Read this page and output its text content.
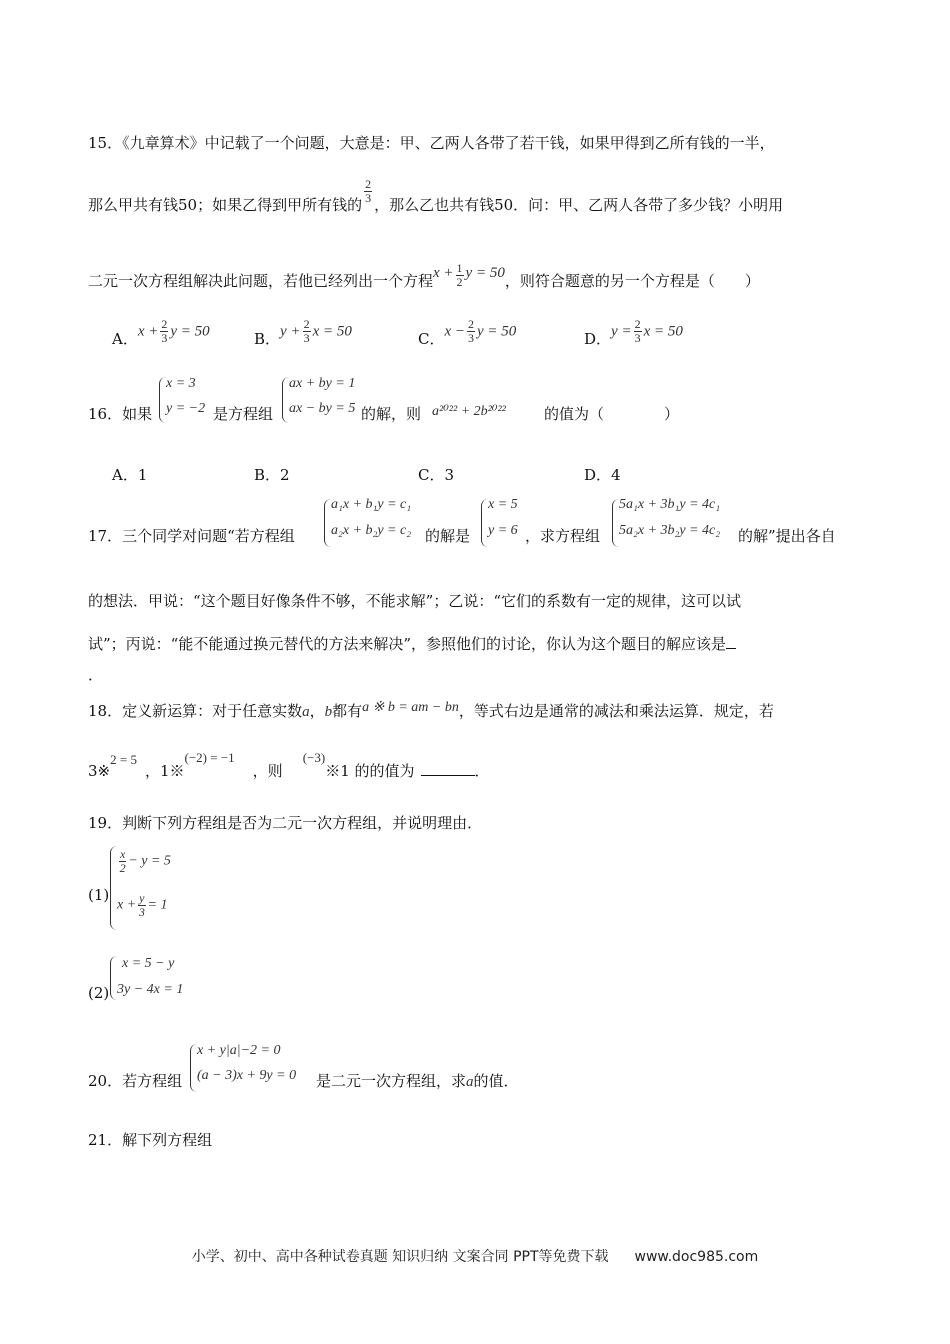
15．《九章算术》中记载了一个问题，大意是：甲、乙两人各带了若干钱，如果甲得到乙所有钱的一半，
那么甲共有钱50；如果乙得到甲所有钱的 $\frac{2}{3}$ ，那么乙也共有钱50．问：甲、乙两人各带了多少钱？小明用
二元一次方程组解决此问题，若他已经列出一个方程$x + \frac{1}{2}$ y = 50，则符合题意的另一个方程是（　　）
A．$x + \frac{2}{3}$ y = 50	B．$y + \frac{2}{3}$ x = 50	C．$x - \frac{2}{3}$ y = 50	D．$y = \frac{2}{3}$ x = 50
16．如果
x = 3
y = −2 是方程组
ax + by = 1
ax − by = 5 的解，则 a²⁰²² + 2b²⁰²²	的值为（　　　　）
A．1	B．2	C．3	D．4
17．三个同学对问题“若方程组
a₁x + b₁y = c₁
a₂x + b₂y = c₂ 的解是
x = 5
y = 6 ，求方程组
5a₁x + 3b₁y = 4c₁
5a₂x + 3b₂y = 4c₂ 的解”提出各自
的想法．甲说：“这个题目好像条件不够，不能求解”；乙说：“它们的系数有一定的规律，这可以试
试”；丙说：“能不能通过换元替代的方法来解决”，参照他们的讨论，你认为这个题目的解应该是
．
18．定义新运算：对于任意实数a，b都有a ※ b = am − bn，等式右边是通常的减法和乘法运算．规定，若
3※2 = 5，1※(−2) = −1，则(−3)※1 的的值为	．
19．判断下列方程组是否为二元一次方程组，并说明理由．
(1)
$\frac{x}{2} - y = 5$
$x + \frac{y}{3} = 1$
(2)
x = 5 − y
3y − 4x = 1
20．若方程组
x + y|a|−2 = 0
(a − 3)x + 9y = 0 是二元一次方程组，求a的值．
21．解下列方程组
小学、初中、高中各种试卷真题 知识归纳 文案合同 PPT等免费下载 www.doc985.com
